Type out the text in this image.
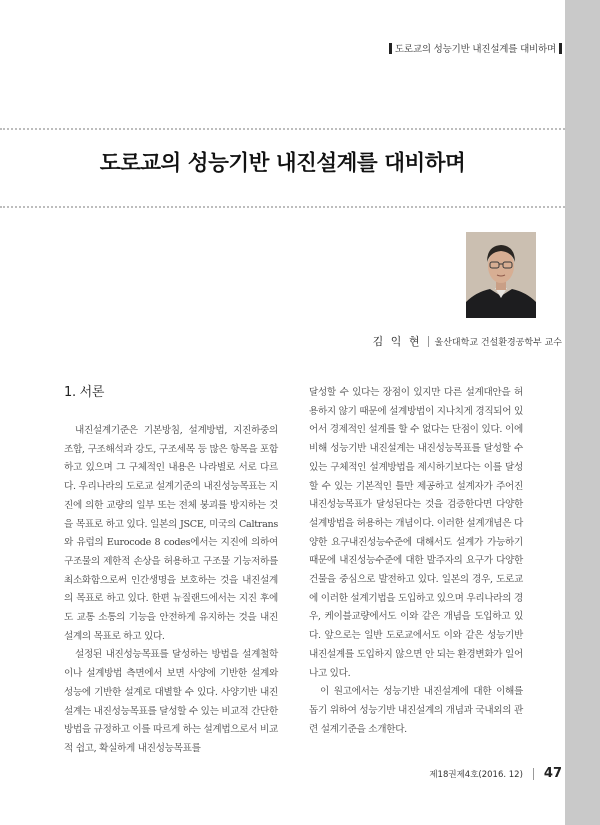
도로교의 성능기반 내진설계를 대비하며
도로교의 성능기반 내진설계를 대비하며
김 익 현 울산대학교 건설환경공학부 교수
1. 서론

내진설계기준은 기본방침, 설계방법, 지진하중의 조합, 구조해석과 강도, 구조세목 등 많은 항목을 포함하고 있으며 그 구체적인 내용은 나라별로 서로 다르다. 우리나라의 도로교 설계기준의 내진성능목표는 지진에 의한 교량의 일부 또는 전체 붕괴를 방지하는 것을 목표로 하고 있다. 일본의 JSCE, 미국의 Caltrans와 유럽의 Eurocode 8 codes에서는 지진에 의하여 구조물의 제한적 손상을 허용하고 구조물 기능저하를 최소화함으로써 인간생명을 보호하는 것을 내진설계의 목표로 하고 있다. 한편 뉴질랜드에서는 지진 후에도 교통 소통의 기능을 안전하게 유지하는 것을 내진설계의 목표로 하고 있다.

설정된 내진성능목표를 달성하는 방법을 설계철학이나 설계방법 측면에서 보면 사양에 기반한 설계와 성능에 기반한 설계로 대별할 수 있다. 사양기반 내진설계는 내진성능목표를 달성할 수 있는 비교적 간단한 방법을 규정하고 이를 따르게 하는 설계법으로서 비교적 쉽고, 확실하게 내진성능목표를

달성할 수 있다는 장점이 있지만 다른 설계대안을 허용하지 않기 때문에 설계방법이 지나치게 경직되어 있어서 경제적인 설계를 할 수 없다는 단점이 있다. 이에 비해 성능기반 내진설계는 내진성능목표를 달성할 수 있는 구체적인 설계방법을 제시하기보다는 이를 달성할 수 있는 기본적인 틀만 제공하고 설계자가 주어진 내진성능목표가 달성된다는 것을 검증한다면 다양한 설계방법을 허용하는 개념이다. 이러한 설계개념은 다양한 요구내진성능수준에 대해서도 설계가 가능하기 때문에 내진성능수준에 대한 발주자의 요구가 다양한 건물을 중심으로 발전하고 있다. 일본의 경우, 도로교에 이러한 설계기법을 도입하고 있으며 우리나라의 경우, 케이블교량에서도 이와 같은 개념을 도입하고 있다. 앞으로는 일반 도로교에서도 이와 같은 성능기반 내진설계를 도입하지 않으면 안 되는 환경변화가 일어나고 있다.

이 원고에서는 성능기반 내진설계에 대한 이해를 돕기 위하여 성능기반 내진설계의 개념과 국내외의 관련 설계기준을 소개한다.

제18권제4호(2016. 12) 47
